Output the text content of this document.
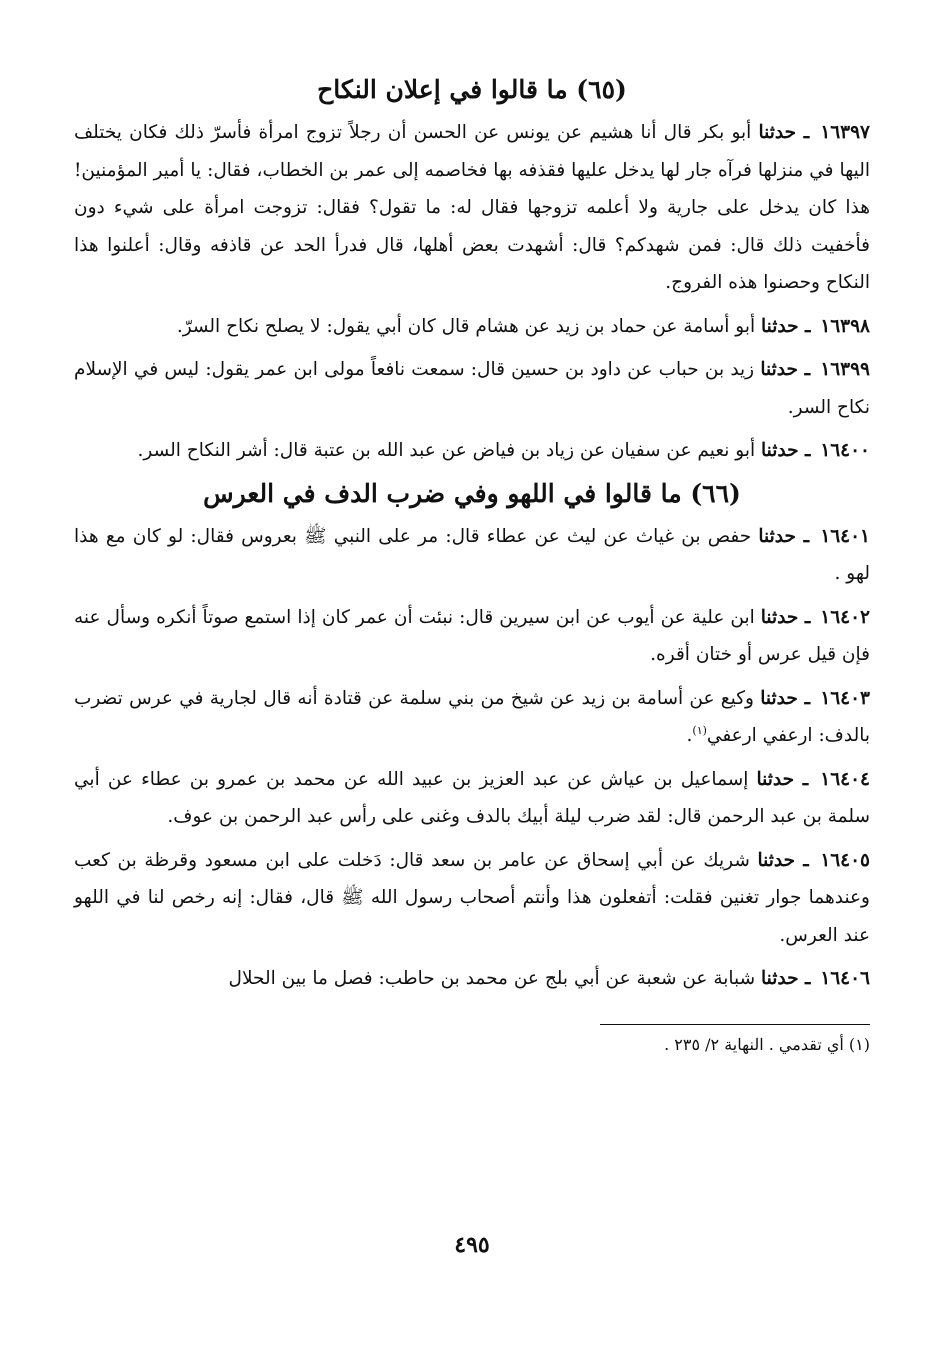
(٦٥) ما قالوا في إعلان النكاح

١٦٣٩٧ ـ حدثنا أبو بكر قال أنا هشيم عن يونس عن الحسن أن رجلاً تزوج امرأة فأسرّ ذلك فكان يختلف اليها في منزلها فرآه جار لها يدخل عليها فقذفه بها فخاصمه إلى عمر بن الخطاب، فقال: يا أمير المؤمنين! هذا كان يدخل على جارية ولا أعلمه تزوجها فقال له: ما تقول؟ فقال: تزوجت امرأة على شيء دون فأخفيت ذلك قال: فمن شهدكم؟ قال: أشهدت بعض أهلها، قال فدرأ الحد عن قاذفه وقال: أعلنوا هذا النكاح وحصنوا هذه الفروج.

١٦٣٩٨ ـ حدثنا أبو أسامة عن حماد بن زيد عن هشام قال كان أبي يقول: لا يصلح نكاح السرّ.

١٦٣٩٩ ـ حدثنا زيد بن حباب عن داود بن حسين قال: سمعت نافعاً مولى ابن عمر يقول: ليس في الإسلام نكاح السر.

١٦٤٠٠ ـ حدثنا أبو نعيم عن سفيان عن زياد بن فياض عن عبد الله بن عتبة قال: أشر النكاح السر.

(٦٦) ما قالوا في اللهو وفي ضرب الدف في العرس

١٦٤٠١ ـ حدثنا حفص بن غياث عن ليث عن عطاء قال: مر على النبي ﷺ بعروس فقال: لو كان مع هذا لهو .

١٦٤٠٢ ـ حدثنا ابن علية عن أيوب عن ابن سيرين قال: نبئت أن عمر كان إذا استمع صوتاً أنكره وسأل عنه فإن قيل عرس أو ختان أقره.

١٦٤٠٣ ـ حدثنا وكيع عن أسامة بن زيد عن شيخ من بني سلمة عن قتادة أنه قال لجارية في عرس تضرب بالدف: ارعفي ارعفي$^{(١)}$.

١٦٤٠٤ ـ حدثنا إسماعيل بن عياش عن عبد العزيز بن عبيد الله عن محمد بن عمرو بن عطاء عن أبي سلمة بن عبد الرحمن قال: لقد ضرب ليلة أبيك بالدف وغنى على رأس عبد الرحمن بن عوف.

١٦٤٠٥ ـ حدثنا شريك عن أبي إسحاق عن عامر بن سعد قال: دَخلت على ابن مسعود وقرظة بن كعب وعندهما جوار تغنين فقلت: أتفعلون هذا وأنتم أصحاب رسول الله ﷺ قال، فقال: إنه رخص لنا في اللهو عند العرس.

١٦٤٠٦ ـ حدثنا شبابة عن شعبة عن أبي بلج عن محمد بن حاطب: فصل ما بين الحلال

(١) أي تقدمي . النهاية ٢/ ٢٣٥ .
٤٩٥
